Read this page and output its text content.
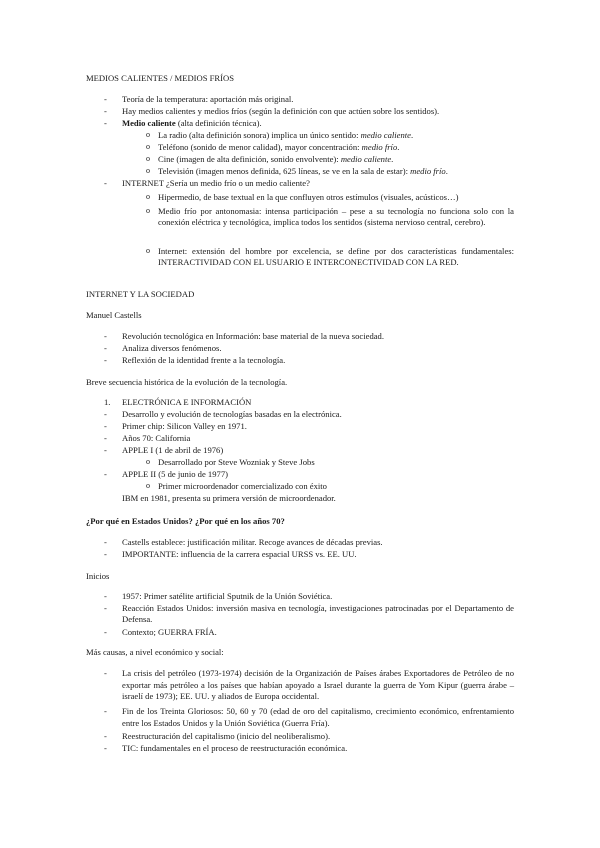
MEDIOS CALIENTES / MEDIOS FRÍOS
- Teoría de la temperatura: aportación más original.
- Hay medios calientes y medios fríos (según la definición con que actúen sobre los sentidos).
- Medio caliente (alta definición técnica).
o La radio (alta definición sonora) implica un único sentido: medio caliente.
o Teléfono (sonido de menor calidad), mayor concentración: medio frío.
o Cine (imagen de alta definición, sonido envolvente): medio caliente.
o Televisión (imagen menos definida, 625 líneas, se ve en la sala de estar): medio frío.
- INTERNET ¿Sería un medio frío o un medio caliente?
o Hipermedio, de base textual en la que confluyen otros estímulos (visuales, acústicos…)
o Medio frío por antonomasia: intensa participación – pese a su tecnología no funciona solo con la conexión eléctrica y tecnológica, implica todos los sentidos (sistema nervioso central, cerebro).
o Internet: extensión del hombre por excelencia, se define por dos características fundamentales: INTERACTIVIDAD CON EL USUARIO E INTERCONECTIVIDAD CON LA RED.
INTERNET Y LA SOCIEDAD
Manuel Castells
- Revolución tecnológica en Información: base material de la nueva sociedad.
- Analiza diversos fenómenos.
- Reflexión de la identidad frente a la tecnología.
Breve secuencia histórica de la evolución de la tecnología.
1. ELECTRÓNICA E INFORMACIÓN
- Desarrollo y evolución de tecnologías basadas en la electrónica.
- Primer chip: Silicon Valley en 1971.
- Años 70: California
- APPLE I (1 de abril de 1976)
o Desarrollado por Steve Wozniak y Steve Jobs
- APPLE II (5 de junio de 1977)
o Primer microordenador comercializado con éxito
IBM en 1981, presenta su primera versión de microordenador.
¿Por qué en Estados Unidos? ¿Por qué en los años 70?
- Castells establece: justificación militar. Recoge avances de décadas previas.
- IMPORTANTE: influencia de la carrera espacial URSS vs. EE. UU.
Inicios
- 1957: Primer satélite artificial Sputnik de la Unión Soviética.
- Reacción Estados Unidos: inversión masiva en tecnología, investigaciones patrocinadas por el Departamento de Defensa.
- Contexto; GUERRA FRÍA.
Más causas, a nivel económico y social:
- La crisis del petróleo (1973-1974) decisión de la Organización de Países árabes Exportadores de Petróleo de no exportar más petróleo a los países que habían apoyado a Israel durante la guerra de Yom Kipur (guerra árabe – israelí de 1973); EE. UU. y aliados de Europa occidental.
- Fin de los Treinta Gloriosos: 50, 60 y 70 (edad de oro del capitalismo, crecimiento económico, enfrentamiento entre los Estados Unidos y la Unión Soviética (Guerra Fría).
- Reestructuración del capitalismo (inicio del neoliberalismo).
- TIC: fundamentales en el proceso de reestructuración económica.
